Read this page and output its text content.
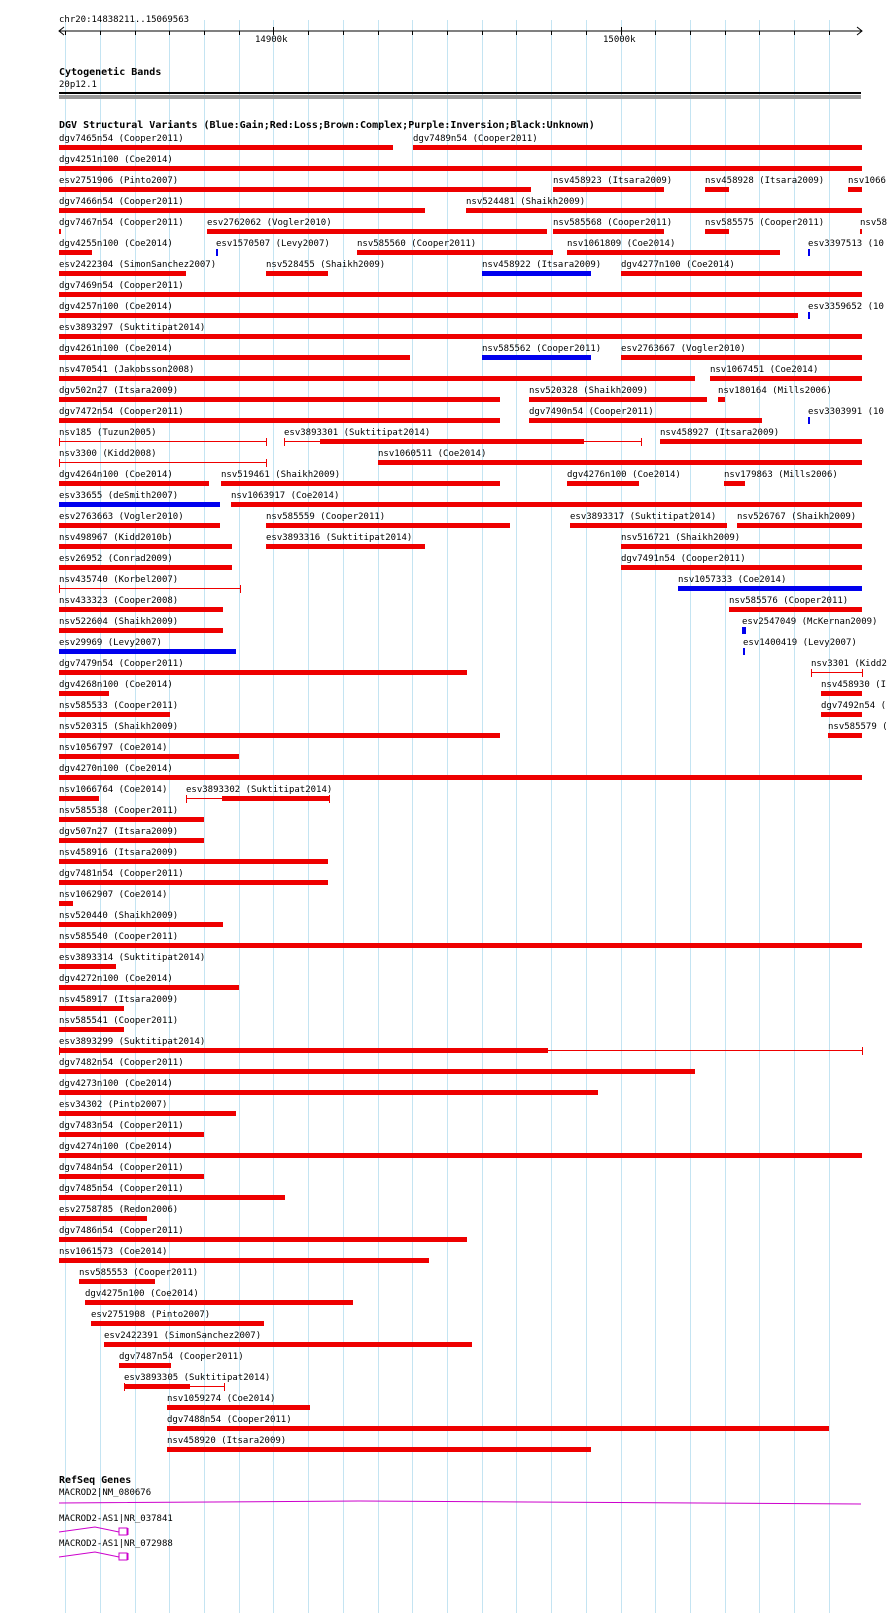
chr20:14838211..15069563
Cytogenetic Bands
20p12.1
DGV Structural Variants (Blue:Gain;Red:Loss;Brown:Complex;Purple:Inversion;Black:Unknown)
dgv7465n54 (Cooper2011)	dgv7489n54 (Cooper2011)
dgv4251n100 (Coe2014)
esv2751906 (Pinto2007)	nsv458923 (Itsara2009)	nsv458928 (Itsara2009)	nsv1066
dgv7466n54 (Cooper2011)	nsv524481 (Shaikh2009)
dgv7467n54 (Cooper2011)	esv2762062 (Vogler2010)	nsv585568 (Cooper2011)	nsv585575 (Cooper2011)	nsv58
dgv4255n100 (Coe2014)	esv1570507 (Levy2007)	nsv585560 (Cooper2011)	nsv1061809 (Coe2014)	esv3397513 (10
esv2422304 (SimonSanchez2007)	nsv528455 (Shaikh2009)	nsv458922 (Itsara2009) dgv4277n100 (Coe2014)
dgv7469n54 (Cooper2011)
dgv4257n100 (Coe2014)	esv3359652 (10
esv3893297 (Suktitipat2014)
dgv4261n100 (Coe2014)	nsv585562 (Cooper2011) esv2763667 (Vogler2010)
nsv470541 (Jakobsson2008)	nsv1067451 (Coe2014)
dgv502n27 (Itsara2009)	nsv520328 (Shaikh2009)	nsv180164 (Mills2006)
dgv7472n54 (Cooper2011)	dgv7490n54 (Cooper2011)	esv3303991 (10
nsv185 (Tuzun2005)	esv3893301 (Suktitipat2014)	nsv458927 (Itsara2009)
nsv3300 (Kidd2008)	nsv1060511 (Coe2014)
dgv4264n100 (Coe2014)	nsv519461 (Shaikh2009)	dgv4276n100 (Coe2014)	nsv179863 (Mills2006)
esv33655 (deSmith2007)	nsv1063917 (Coe2014)
esv2763663 (Vogler2010)	nsv585559 (Cooper2011)	esv3893317 (Suktitipat2014) nsv526767 (Shaikh2009)
nsv498967 (Kidd2010b)	esv3893316 (Suktitipat2014)	nsv516721 (Shaikh2009)
esv26952 (Conrad2009)	dgv7491n54 (Cooper2011)
nsv435740 (Korbel2007)	nsv1057333 (Coe2014)
nsv433323 (Cooper2008)	nsv585576 (Cooper2011)
nsv522604 (Shaikh2009)	esv2547049 (McKernan2009)
esv29969 (Levy2007)	esv1400419 (Levy2007)
dgv7479n54 (Cooper2011)	nsv3301 (Kidd2
dgv4268n100 (Coe2014)	nsv458930 (I
nsv585533 (Cooper2011)	dgv7492n54 (
nsv520315 (Shaikh2009)	nsv585579 (
nsv1056797 (Coe2014)
dgv4270n100 (Coe2014)
nsv1066764 (Coe2014) esv3893302 (Suktitipat2014)
nsv585538 (Cooper2011)
dgv507n27 (Itsara2009)
nsv458916 (Itsara2009)
dgv7481n54 (Cooper2011)
nsv1062907 (Coe2014)
nsv520440 (Shaikh2009)
nsv585540 (Cooper2011)
esv3893314 (Suktitipat2014)
dgv4272n100 (Coe2014)
nsv458917 (Itsara2009)
nsv585541 (Cooper2011)
esv3893299 (Suktitipat2014)
dgv7482n54 (Cooper2011)
dgv4273n100 (Coe2014)
esv34302 (Pinto2007)
dgv7483n54 (Cooper2011)
dgv4274n100 (Coe2014)
dgv7484n54 (Cooper2011)
dgv7485n54 (Cooper2011)
esv2758785 (Redon2006)
dgv7486n54 (Cooper2011)
nsv1061573 (Coe2014)
nsv585553 (Cooper2011)
dgv4275n100 (Coe2014)
esv2751908 (Pinto2007)
esv2422391 (SimonSanchez2007)
dgv7487n54 (Cooper2011)
esv3893305 (Suktitipat2014)
nsv1059274 (Coe2014)
dgv7488n54 (Cooper2011)
nsv458920 (Itsara2009)
RefSeq Genes
MACROD2|NM_080676
MACROD2-AS1|NR_037841
MACROD2-AS1|NR_072988
14900k	15000k
